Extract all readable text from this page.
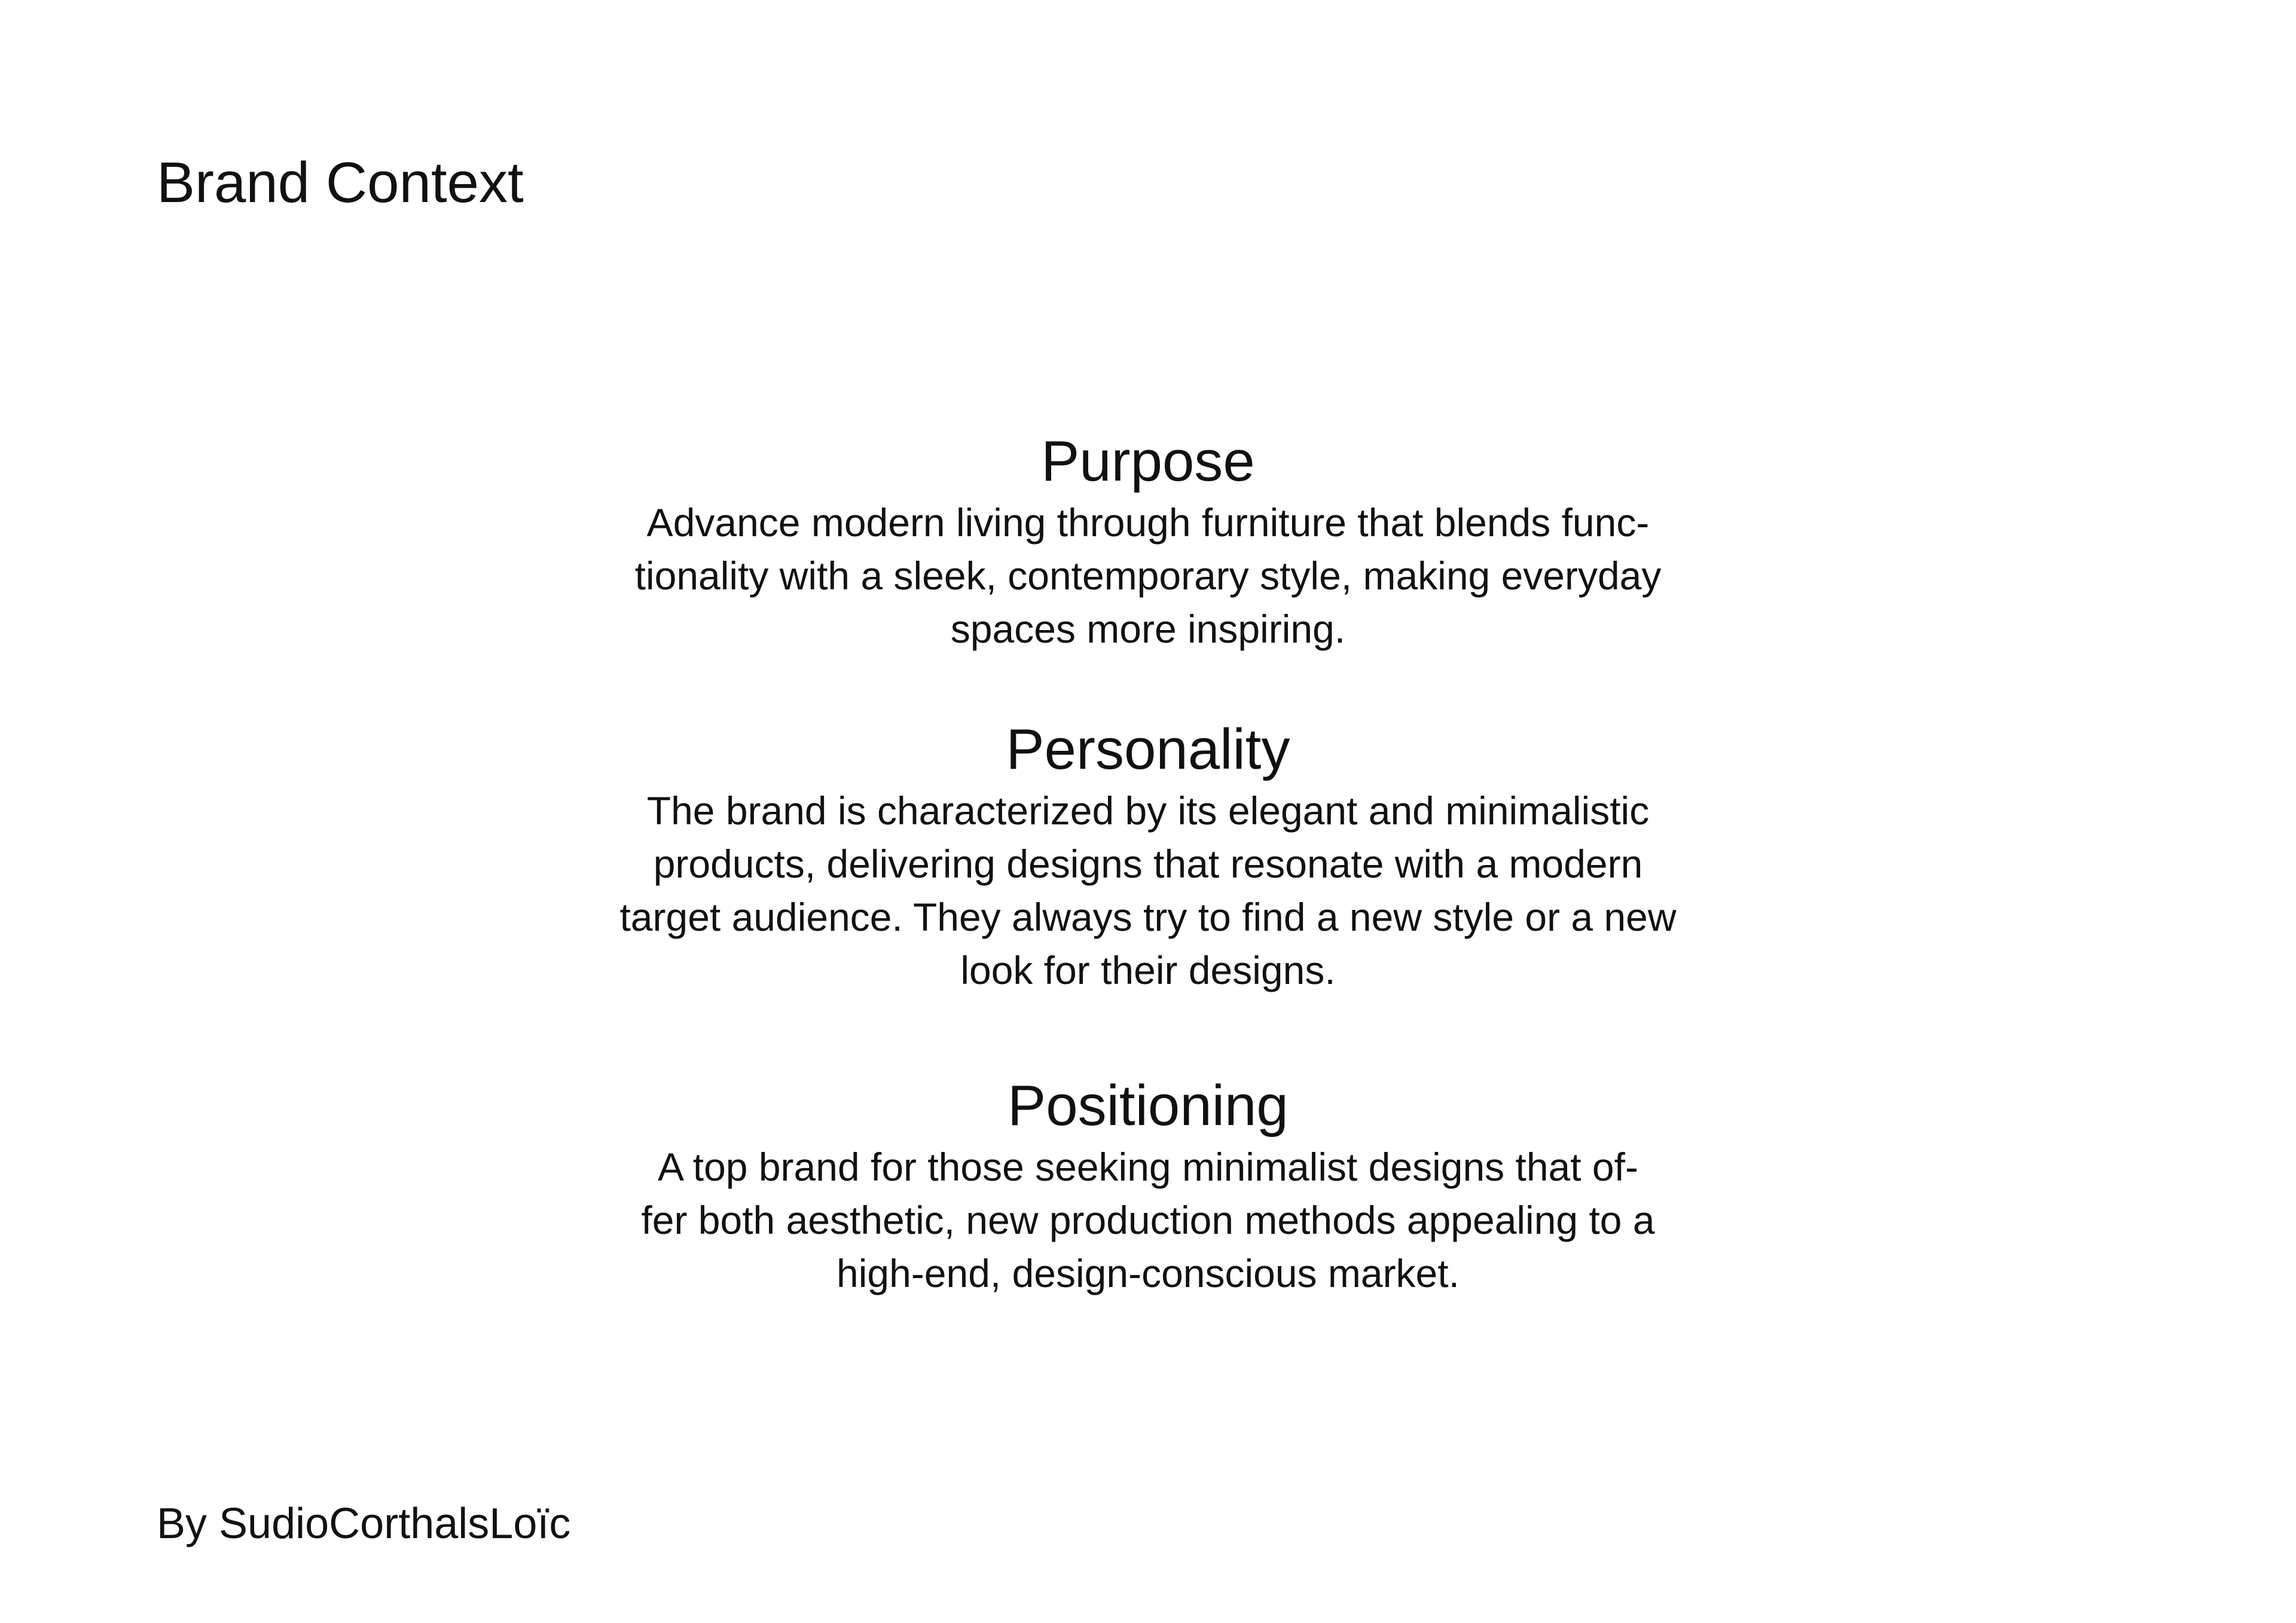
Brand Context
Purpose
Advance modern living through furniture that blends func-
tionality with a sleek, contemporary style, making everyday
spaces more inspiring.
Personality
The brand is characterized by its elegant and minimalistic
products, delivering designs that resonate with a modern
target audience. They always try to find a new style or a new
look for their designs.
Positioning
A top brand for those seeking minimalist designs that of-
fer both aesthetic, new production methods appealing to a
high-end, design-conscious market.

By SudioCorthalsLoïc
